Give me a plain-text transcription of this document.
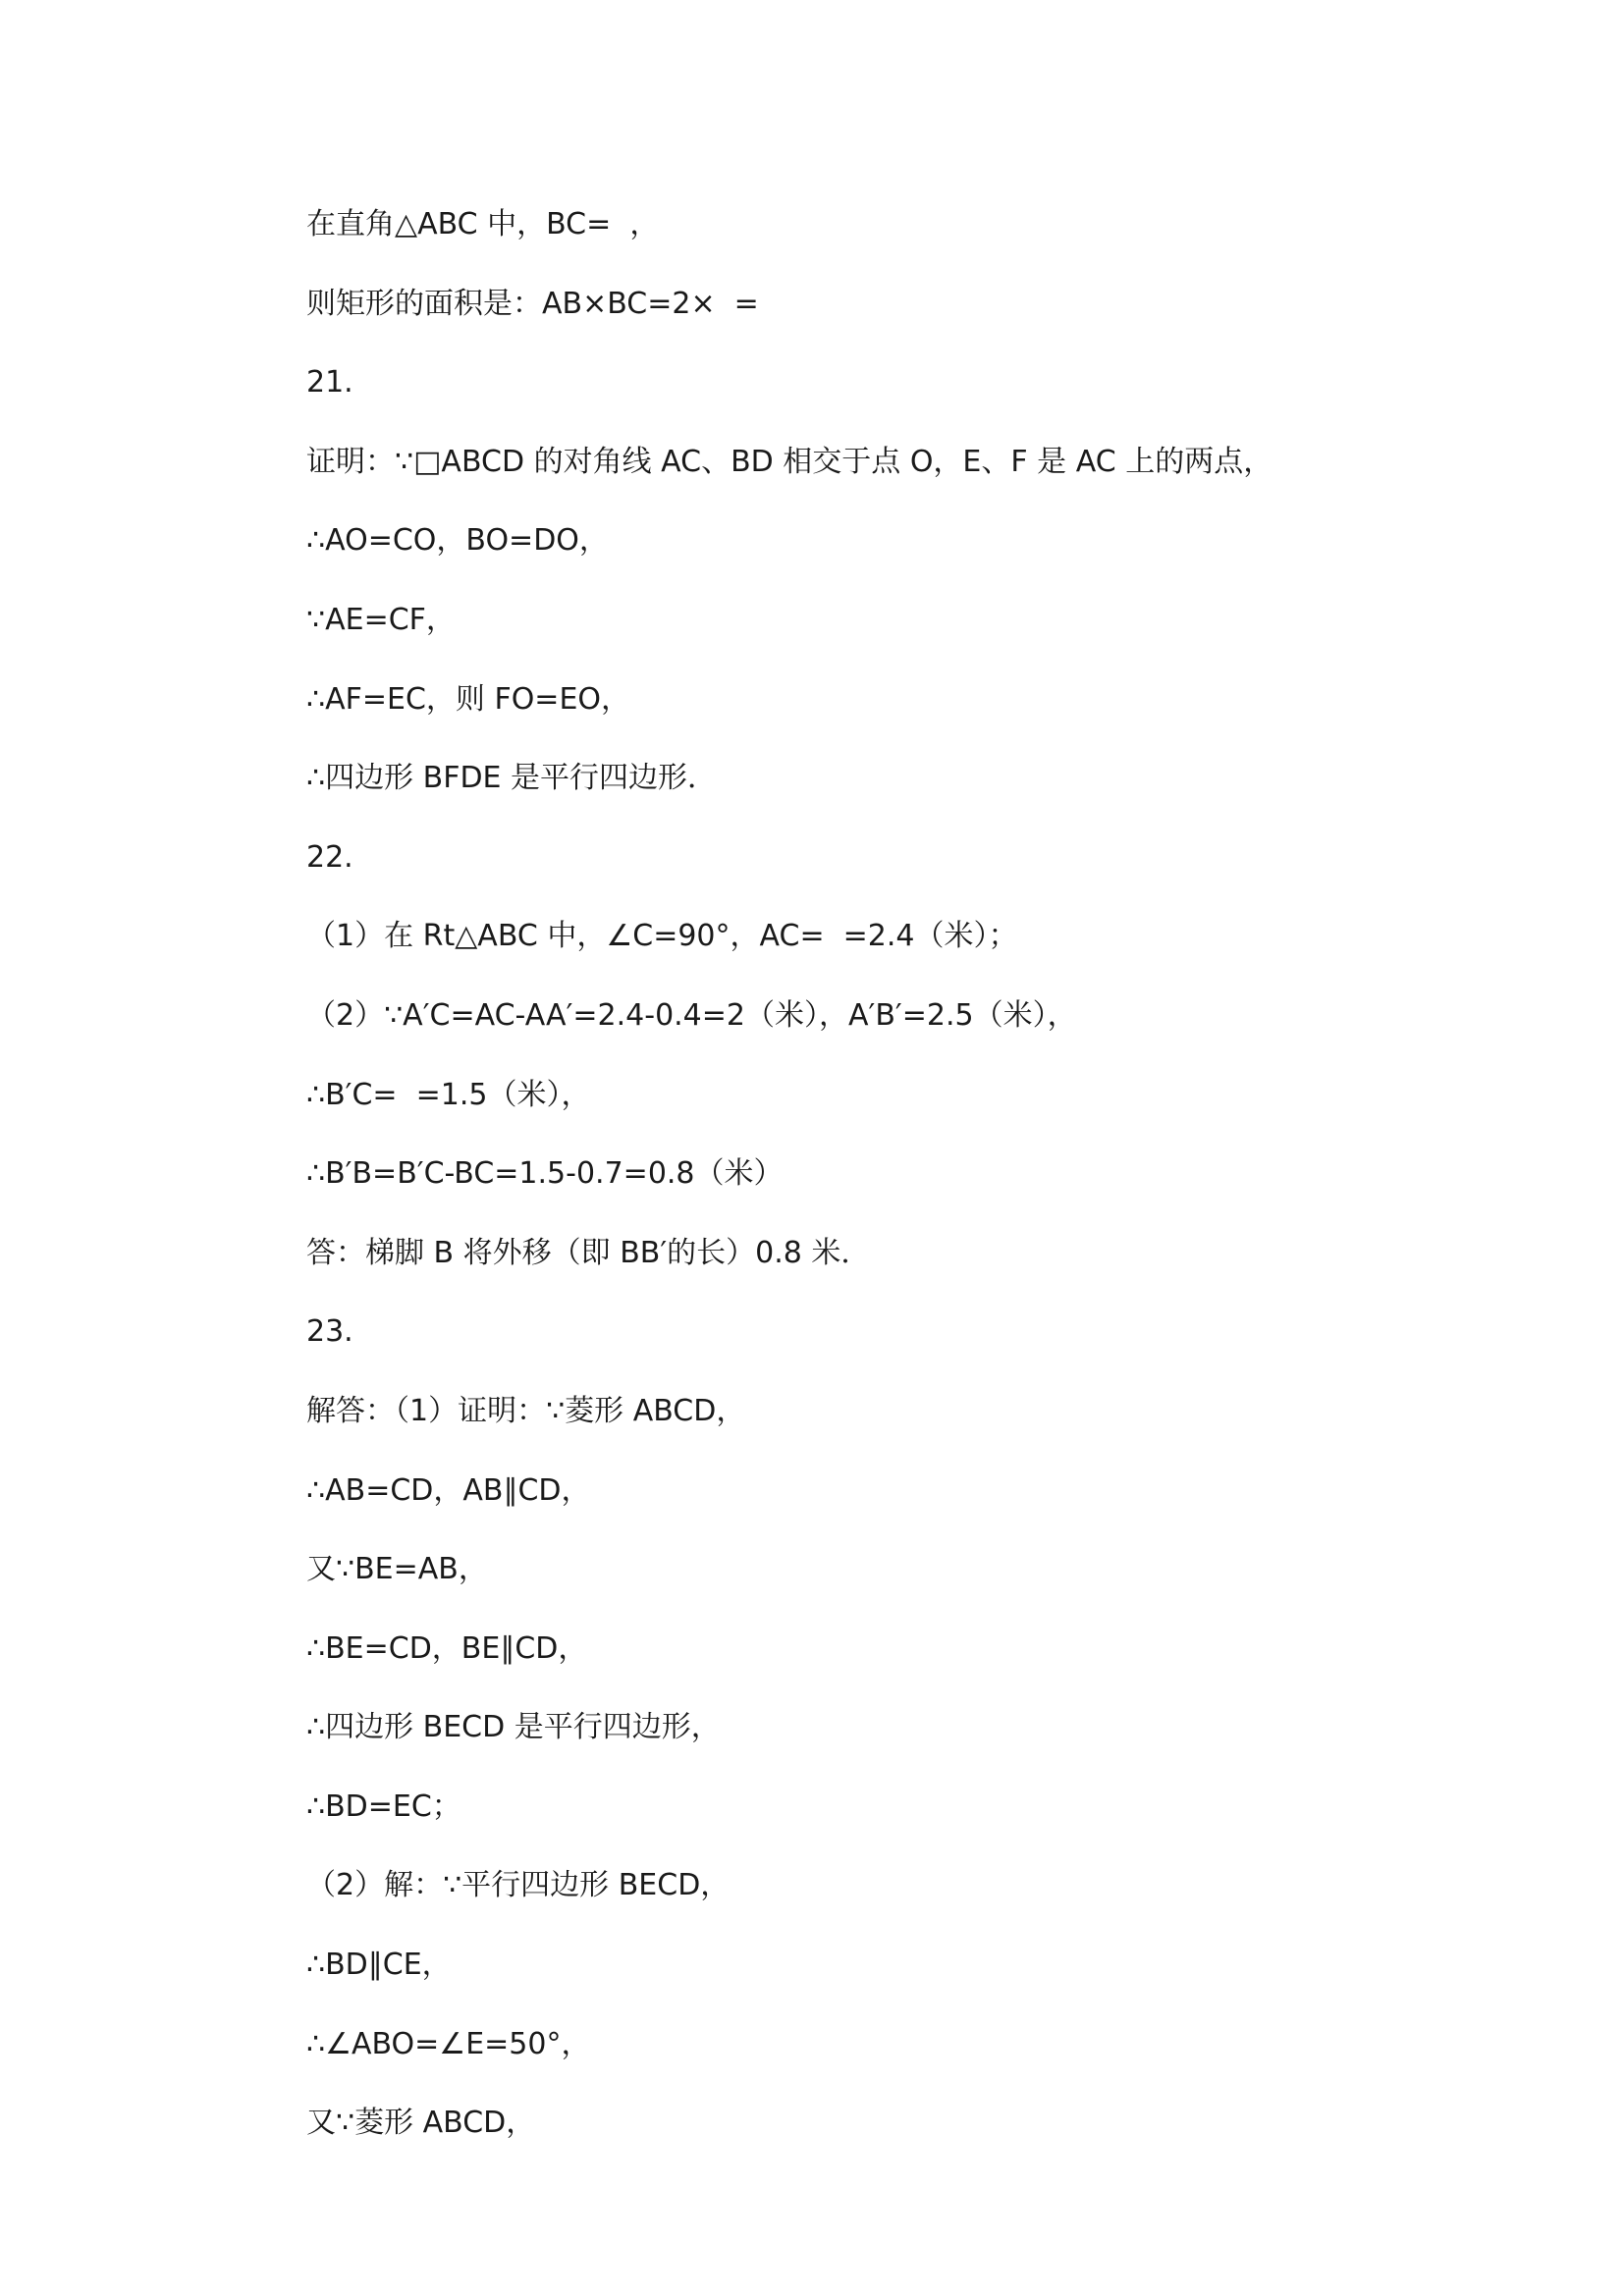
在直角△ABC 中，BC=  ，
则矩形的面积是：AB×BC=2×  =
21.
证明：∵□ABCD 的对角线 AC、BD 相交于点 O，E、F 是 AC 上的两点，
∴AO=CO，BO=DO，
∵AE=CF，
∴AF=EC，则 FO=EO，
∴四边形 BFDE 是平行四边形．
22.
（1）在 Rt△ABC 中，∠C=90°，AC=  =2.4（米）；
（2）∵A′C=AC-AA′=2.4-0.4=2（米），A′B′=2.5（米），
∴B′C=  =1.5（米），
∴B′B=B′C-BC=1.5-0.7=0.8（米）
答：梯脚 B 将外移（即 BB′的长）0.8 米．
23.
解答：（1）证明：∵菱形 ABCD，
∴AB=CD，AB∥CD，
又∵BE=AB，
∴BE=CD，BE∥CD，
∴四边形 BECD 是平行四边形，
∴BD=EC；
（2）解：∵平行四边形 BECD，
∴BD∥CE，
∴∠ABO=∠E=50°，
又∵菱形 ABCD，
